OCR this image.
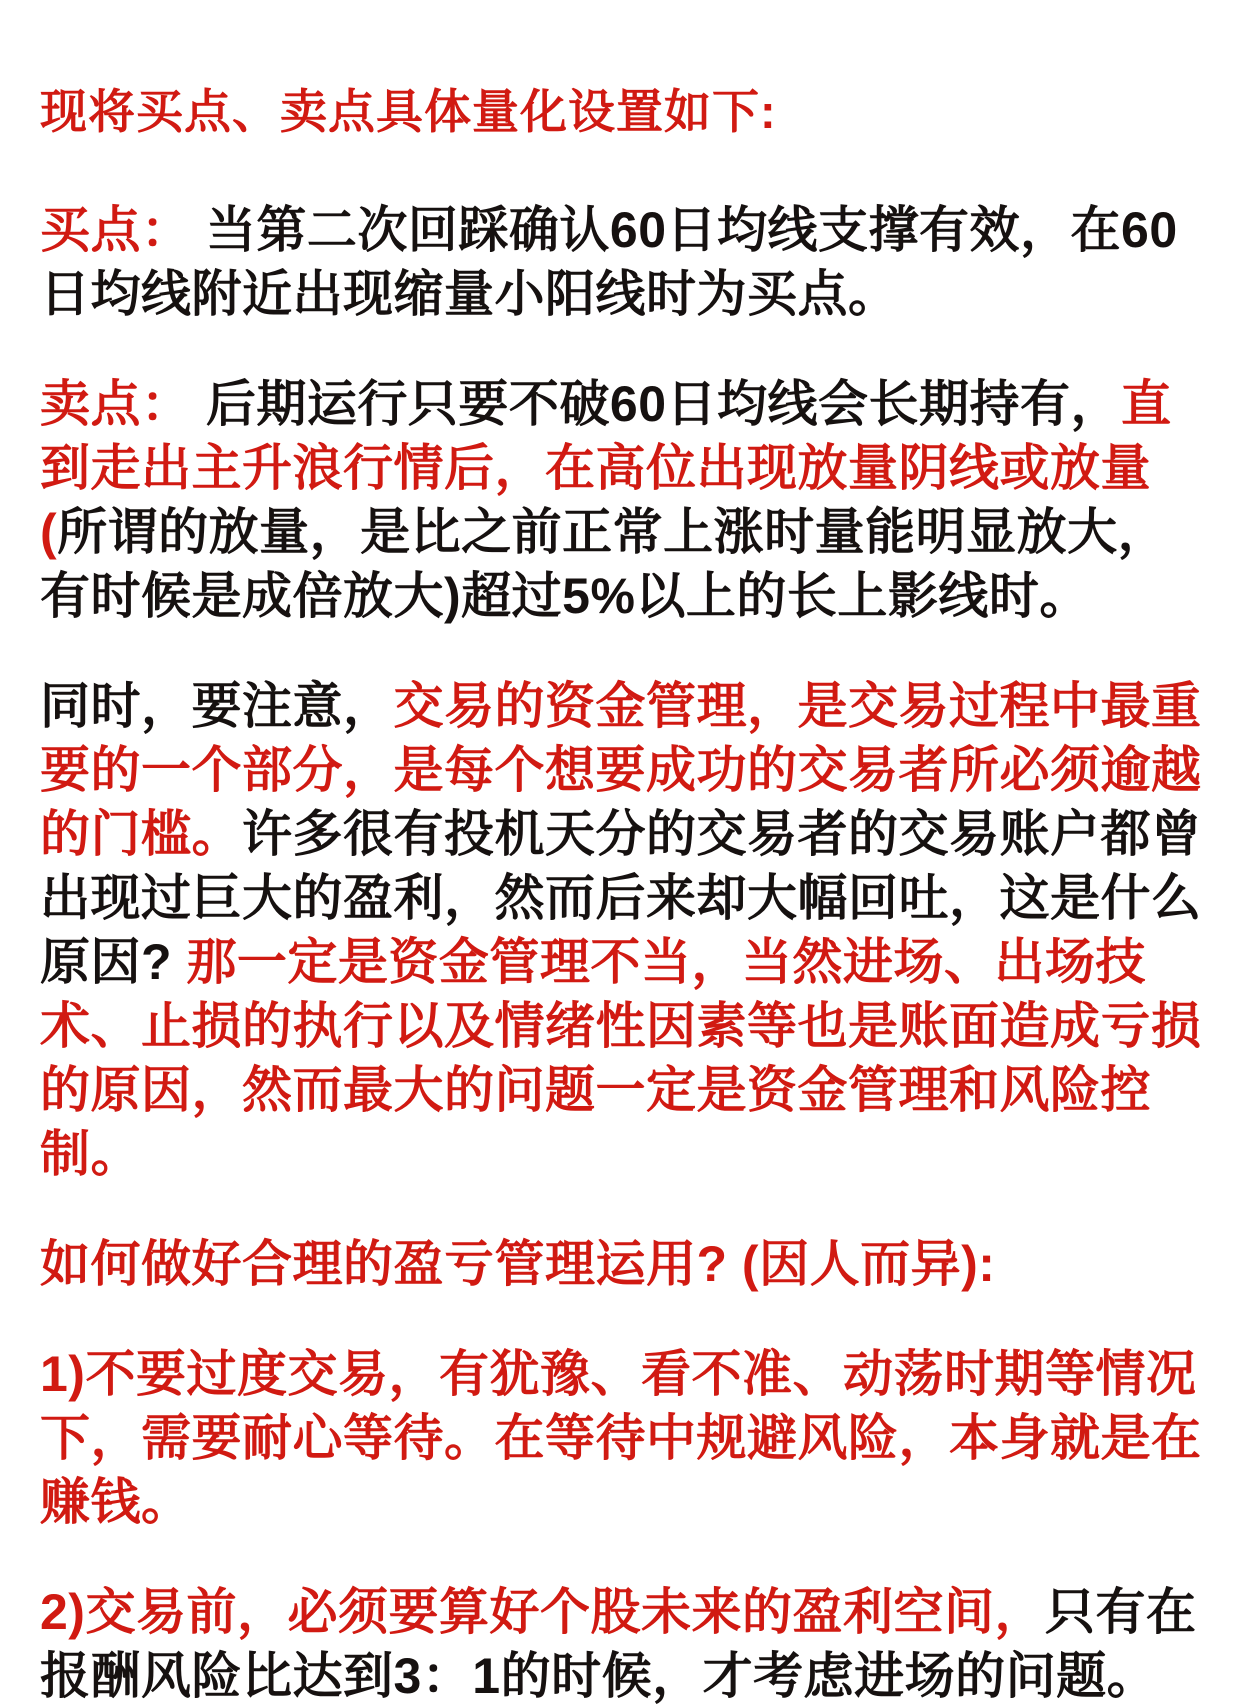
现将买点、卖点具体量化设置如下:

买点： 当第二次回踩确认60日均线支撑有效，在60日均线附近出现缩量小阳线时为买点。

卖点： 后期运行只要不破60日均线会长期持有，直到走出主升浪行情后，在高位出现放量阴线或放量(所谓的放量，是比之前正常上涨时量能明显放大，有时候是成倍放大)超过5%以上的长上影线时。

同时，要注意，交易的资金管理，是交易过程中最重要的一个部分，是每个想要成功的交易者所必须逾越的门槛。许多很有投机天分的交易者的交易账户都曾出现过巨大的盈利，然而后来却大幅回吐，这是什么原因? 那一定是资金管理不当，当然进场、出场技术、止损的执行以及情绪性因素等也是账面造成亏损的原因，然而最大的问题一定是资金管理和风险控制。

如何做好合理的盈亏管理运用? (因人而异):

1)不要过度交易，有犹豫、看不准、动荡时期等情况下，需要耐心等待。在等待中规避风险，本身就是在赚钱。

2)交易前，必须要算好个股未来的盈利空间，只有在报酬风险比达到3：1的时候，才考虑进场的问题。
